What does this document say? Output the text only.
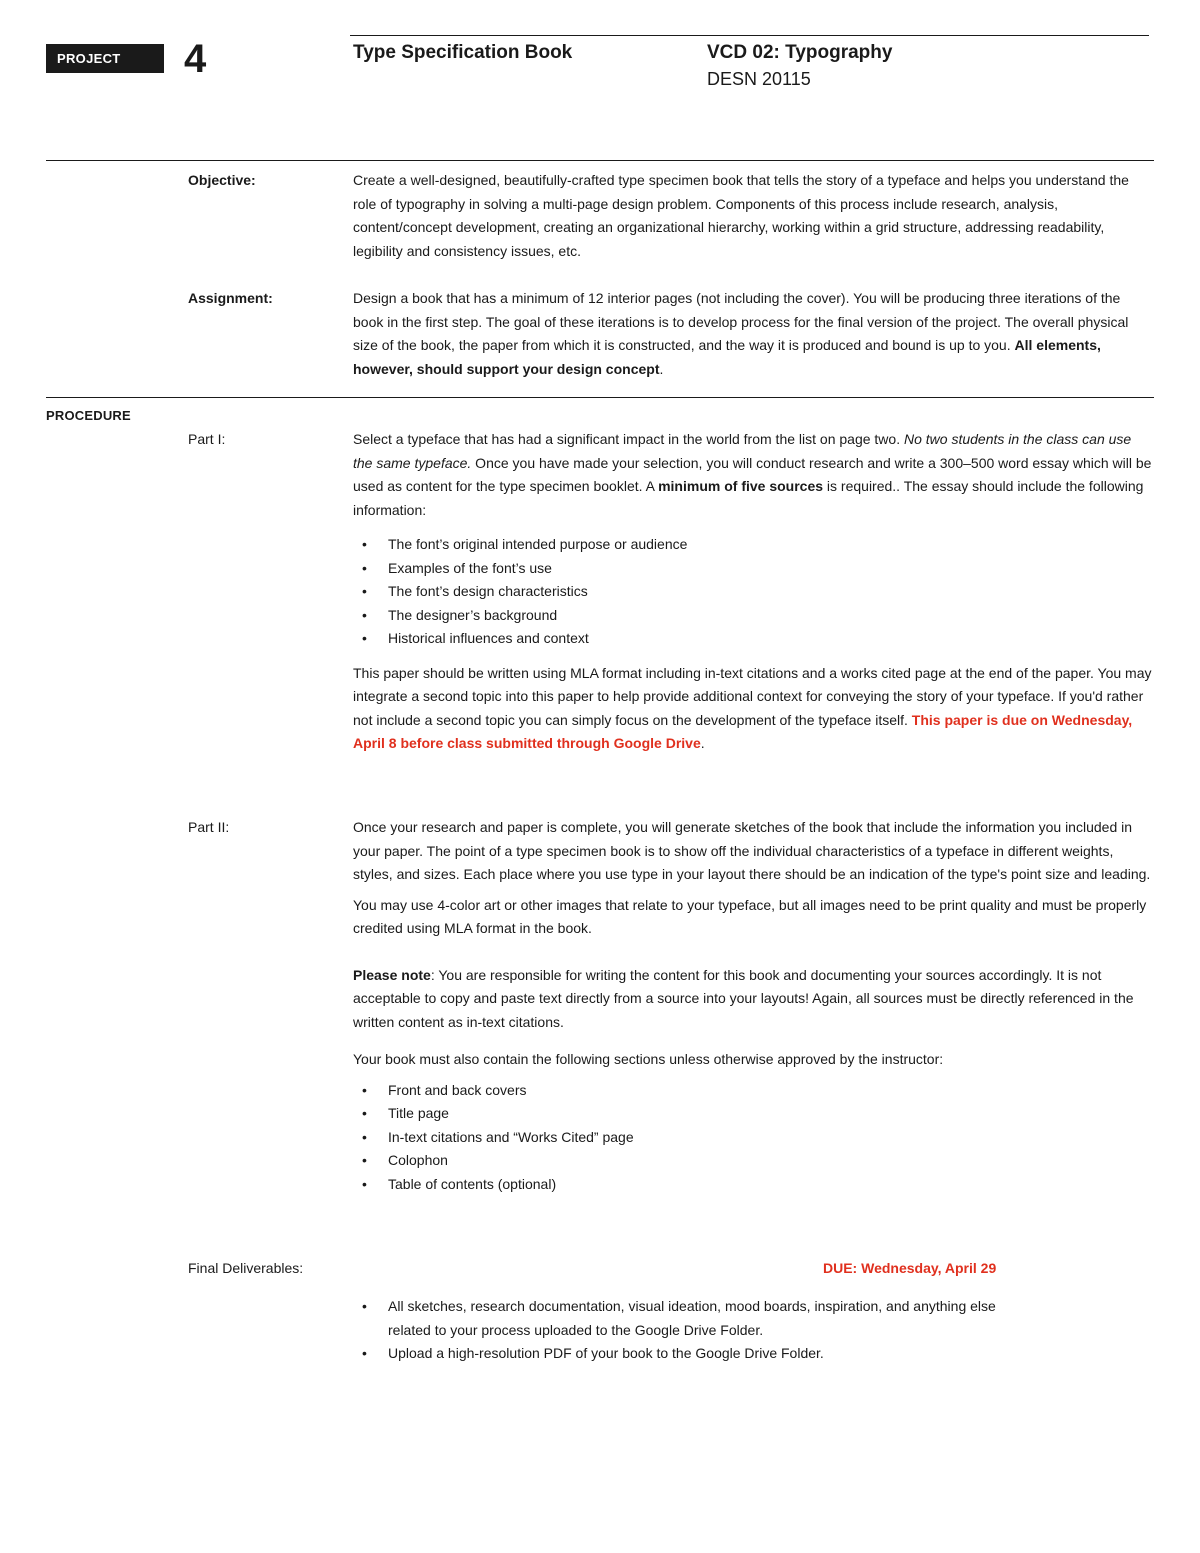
PROJECT	4	Type Specification Book	VCD 02: Typography
DESN 20115
Objective:	Create a well-designed, beautifully-crafted type specimen book that tells the story of a typeface and helps you understand the role of typography in solving a multi-page design problem. Components of this process include research, analysis, content/concept development, creating an organizational hierarchy, working within a grid structure, addressing readability, legibility and consistency issues, etc.
Assignment:	Design a book that has a minimum of 12 interior pages (not including the cover). You will be producing three iterations of the book in the first step. The goal of these iterations is to develop process for the final version of the project. The overall physical size of the book, the paper from which it is constructed, and the way it is produced and bound is up to you. All elements, however, should support your design concept.
PROCEDURE
Part I:	Select a typeface that has had a significant impact in the world from the list on page two. No two students in the class can use the same typeface. Once you have made your selection, you will conduct research and write a 300–500 word essay which will be used as content for the type specimen booklet. A minimum of five sources is required.. The essay should include the following information:

• The font’s original intended purpose or audience
• Examples of the font’s use
• The font’s design characteristics
• The designer’s background
• Historical influences and context

This paper should be written using MLA format including in-text citations and a works cited page at the end of the paper. You may integrate a second topic into this paper to help provide additional context for conveying the story of your typeface. If you'd rather not include a second topic you can simply focus on the development of the typeface itself. This paper is due on Wednesday, April 8 before class submitted through Google Drive.

Part II:	Once your research and paper is complete, you will generate sketches of the book that include the information you included in your paper. The point of a type specimen book is to show off the individual characteristics of a typeface in different weights, styles, and sizes. Each place where you use type in your layout there should be an indication of the type's point size and leading.

You may use 4-color art or other images that relate to your typeface, but all images need to be print quality and must be properly credited using MLA format in the book.

Please note: You are responsible for writing the content for this book and documenting your sources accordingly. It is not acceptable to copy and paste text directly from a source into your layouts! Again, all sources must be directly referenced in the written content as in-text citations.

Your book must also contain the following sections unless otherwise approved by the instructor:

• Front and back covers
• Title page
• In-text citations and “Works Cited” page
• Colophon
• Table of contents (optional)
Final Deliverables:	DUE: Wednesday, April 29
• All sketches, research documentation, visual ideation, mood boards, inspiration, and anything else related to your process uploaded to the Google Drive Folder.
• Upload a high-resolution PDF of your book to the Google Drive Folder.
